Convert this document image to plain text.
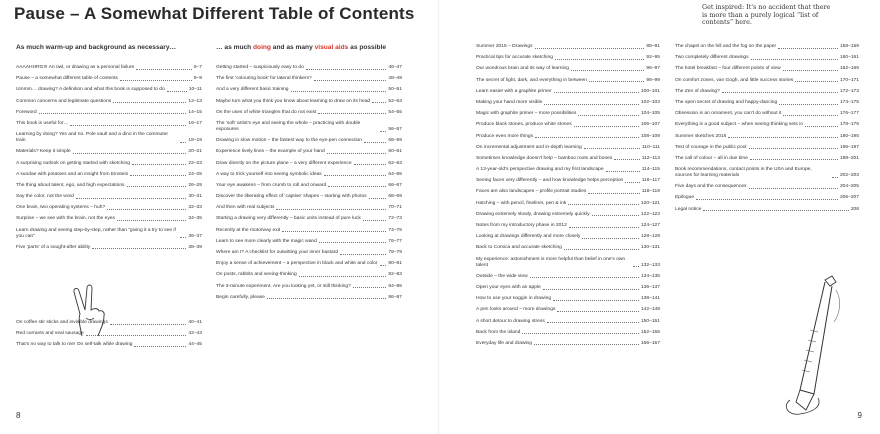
Pause – A Somewhat Different Table of Contents
As much warm-up and background as necessary…
AAAAHHRG!!! An owl, or drawing as a personal failure	6–7
Pause – a somewhat different table of contents	8–9
Ummm… drawing? A definition and what this book is supposed to do	10–11
Common concerns and legitimate questions	12–13
Foreword	14–15
This book is useful for…	16–17
Learning by doing? Yes and no. Pole vault and a dino in the commuter train	18–19
Materials? Keep it simple	20–21
A surprising outlook on getting started with sketching	22–23
A sundae with potatoes and an insight from Einstein	24–25
The thing about talent, ego, and high expectations	26–29
Say the color, not the word	30–31
One brain, two operating systems – huh?	32–33
Surprise – we see with the brain, not the eyes	34–35
Learn drawing and seeing step-by-step, rather than “giving it a try to see if you can”	36–37
Five ‘parts’ of a sought-after ability	38–39
On coffee stir sticks and invisible drawings	40–41
Red currants and veal sausage	42–43
That's no way to talk to me! On self-talk while drawing	44–45
… as much doing and as many visual aids as possible
Getting started – suspiciously easy to do	46–47
The first ‘colouring book’ for lateral thinkers?	48–49
And a very different basic training	50–51
Maybe turn what you think you know about learning to draw on its head	52–53
On the uses of white triangles that do not exist	54–55
The ‘soft’ artist's eye and seeing the whole – practicing with double exposures	56–57
Drawing in slow motion – the fastest way to the eye-pen connection	58–59
Experience lively lines – the example of your hand	60–61
Draw directly on the picture plane – a very different experience	62–63
A way to trick yourself into seeing symbolic ideas	64–65
Your eye awakens – from crumb to roll and onward	66–67
Discover the liberating effect of ‘captive’ shapes – starting with photos	68–69
And then with real subjects	70–71
Starting a drawing very differently – basic units instead of pure luck	72–73
Recently at the motorway exit	74–75
Learn to see more clearly with the magic wand	76–77
Where am I? A checklist for outwitting your inner bastard	78–79
Enjoy a sense of achievement – a perspective in black and white and color 80–81
On posts, rabbits and seeing-thinking	82–83
The 3-minute experiment. Are you looking yet, or still thinking?	84–85
Begin carefully, please	86–87
8
Get inspired: It's no accident that there is more than a purely logical “list of contents” here.
Summer 2015 – Drawings	88–91
Practical tips for accurate sketching	92–95
Our wondrous brain and its way of learning	96–97
The secret of light, dark, and everything in between	98–99
Learn easier with a graphite primer	100–101
Making your hand more visible	102–103
Magic with graphite primer – more possibilities	104–105
Produce black stones, produce white stones	106–107
Produce even more things	108–109
On incremental adjustment and in-depth learning	110–111
Sometimes knowledge doesn't help – bamboo roots and bones	112–113
A 13-year-old's perspective drawing and my first landscape	114–115
Seeing faces very differently – and how knowledge helps perception	116–117
Faces are also landscapes – profile portrait studies	118–119
Hatching – with pencil, fineliner, pen & ink	120–121
Drawing extremely slowly, drawing extremely quickly	122–123
Notes from my introductory phase in 2012	124–127
Looking at drawings differently and more closely	128–129
Back to Corsica and accurate sketching	130–131
My experience: astonishment is more helpful than belief in one's own talent	132–133
Outside – the wide view	134–135
Open your eyes with an apple	136–137
How to use your noggin in drawing	138–141
A pen looks around – more drawings	142–149
A short detour to drawing stress	150–151
Back from the island	152–155
Everyday life and drawing	156–157
The chapel on the hill and the fog on the paper	158–159
Two completely different drawings	160–161
The hotel breakfast – four different points of view	162–169
On comfort zones, van Gogh, and little success stories	170–171
The Zen of drawing?	172–173
The open secret of drawing and happy-dancing	174–175
Obsession is an ornament, you can't do without it	176–177
Everything is a good subject – when seeing-thinking sets in	178–179
Summer sketches 2016	180–195
Test of courage in the public pool	196–197
The call of colour – all in due time	198–201
Book recommendations, contact points in the USA and Europe, sources for learning materials	202–203
Five days and the consequences	204–205
Epilogue	206–207
Legal notice	208
9
